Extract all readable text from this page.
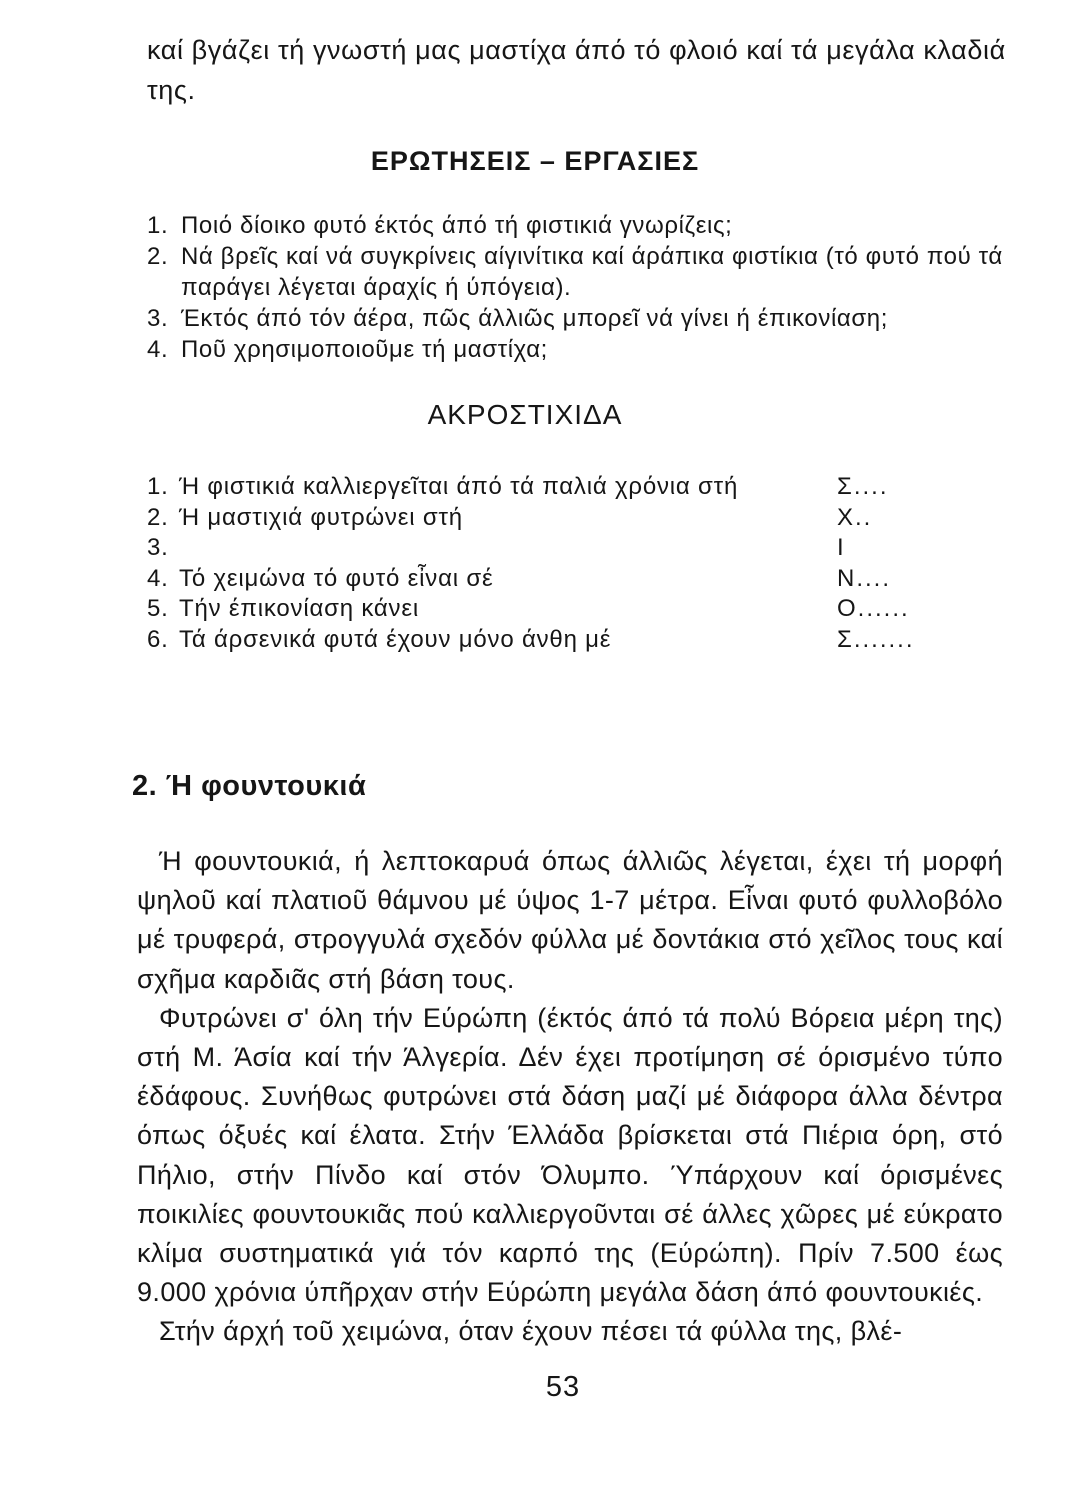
καί βγάζει τή γνωστή μας μαστίχα άπό τό φλοιό καί τά μεγάλα κλαδιά της.

ΕΡΩΤΗΣΕΙΣ – ΕΡΓΑΣΙΕΣ
1. Ποιό δίοικο φυτό έκτός άπό τή φιστικιά γνωρίζεις;
2. Νά βρεῖς καί νά συγκρίνεις αίγινίτικα καί άράπικα φιστίκια (τό φυτό πού τά παράγει λέγεται άραχίς ή ύπόγεια).
3. Έκτός άπό τόν άέρα, πῶς άλλιῶς μπορεῖ νά γίνει ή έπικονίαση;
4. Ποῦ χρησιμοποιοῦμε τή μαστίχα;
ΑΚΡΟΣΤΙΧΙΔΑ
1. Ή φιστικιά καλλιεργεῖται άπό τά παλιά χρόνια στή	Σ....
2. Ή μαστιχιά φυτρώνει στή	Χ..
3.	Ι
4. Τό χειμώνα τό φυτό εἶναι σέ	Ν....
5. Τήν έπικονίαση κάνει	Ο......
6. Τά άρσενικά φυτά έχουν μόνο άνθη μέ	Σ.......
2. Ή φουντουκιά

Ή φουντουκιά, ή λεπτοκαρυά όπως άλλιῶς λέγεται, έχει τή μορφή ψηλοῦ καί πλατιοῦ θάμνου μέ ύψος 1-7 μέτρα. Εἶναι φυτό φυλλοβόλο μέ τρυφερά, στρογγυλά σχεδόν φύλλα μέ δοντάκια στό χεῖλος τους καί σχῆμα καρδιᾶς στή βάση τους.

Φυτρώνει σ' όλη τήν Εύρώπη (έκτός άπό τά πολύ Βόρεια μέρη της) στή Μ. Άσία καί τήν Άλγερία. Δέν έχει προτίμηση σέ όρισμένο τύπο έδάφους. Συνήθως φυτρώνει στά δάση μαζί μέ διάφορα άλλα δέντρα όπως όξυές καί έλατα. Στήν Έλλάδα βρίσκεται στά Πιέρια όρη, στό Πήλιο, στήν Πίνδο καί στόν Όλυμπο. Ύπάρχουν καί όρισμένες ποικιλίες φουντουκιᾶς πού καλλιεργοῦνται σέ άλλες χῶρες μέ εύκρατο κλίμα συστηματικά γιά τόν καρπό της (Εύρώπη). Πρίν 7.500 έως 9.000 χρόνια ύπῆρχαν στήν Εύρώπη μεγάλα δάση άπό φουντουκιές.

Στήν άρχή τοῦ χειμώνα, όταν έχουν πέσει τά φύλλα της, βλέ-

53
